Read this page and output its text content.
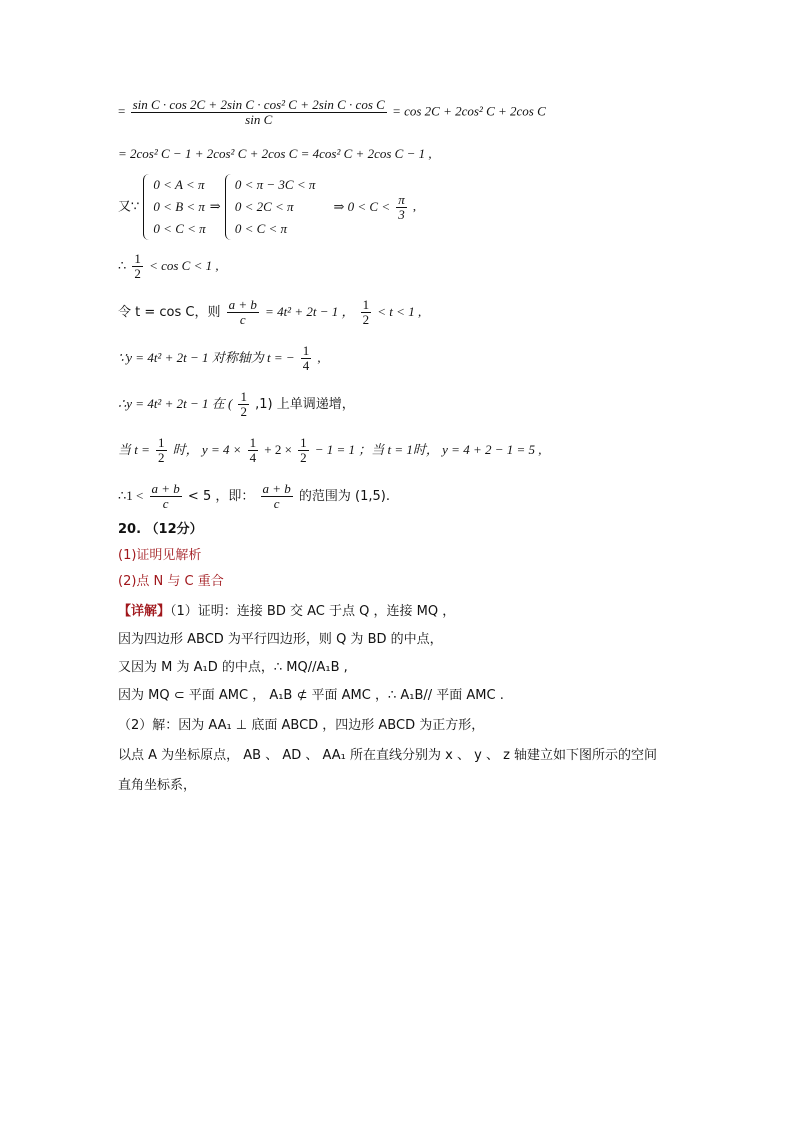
= $\frac{\text{sin C · cos 2C + 2sin C · cos² C + 2sin C · cos C}}{\text{sin C}} = \cos 2C + 2\cos^2$ C + 2cos C
= 2cos² C − 1 + 2cos² C + 2cos C = 4cos² C + 2cos C − 1 ,
又∵
0 < A < π
0 < B < π
0 < C < π
⇒
0 < π − 3C < π
0 < 2C < π
0 < C < π
⇒ $0 < C < \frac{\pi}{3}$ ,
∴ $\frac{1}{2} < \cos C < 1$ ,
令 t = cos C，则 $\frac{a + b}{c} = 4t^2 + 2t - 1$ ， $\frac{1}{2} < t < 1$ ,
∵y = 4t² + 2t − 1 对称轴为 t = − $\frac{1}{4}$ ,
∴y = 4t² + 2t − 1 在 ( $\frac{1}{2} ,1$) 上单调递增，
当 $t = \frac{1}{2}$ 时， $y = 4 \times \frac{1}{4} + 2 \times \frac{1}{2} - 1 = 1$ ；当 t = 1时， y = 4 + 2 − 1 = 5 ,
∴1 < $\frac{a + b}{c} < 5$ ，即： $\frac{a + b}{c}$ 的范围为 (1,5).
20. （12分）
(1)证明见解析
(2)点 N 与 C 重合
【详解】（1）证明：连接 BD 交 AC 于点 Q ，连接 MQ ，
因为四边形 ABCD 为平行四边形，则 Q 为 BD 的中点，
又因为 M 为 A₁D 的中点，∴ MQ//A₁B ,
因为 MQ ⊂ 平面 AMC ， A₁B ⊄ 平面 AMC ，∴ A₁B// 平面 AMC .
（2）解：因为 AA₁ ⊥ 底面 ABCD ，四边形 ABCD 为正方形，
以点 A 为坐标原点， AB 、 AD 、 AA₁ 所在直线分别为 x 、 y 、 z 轴建立如下图所示的空间
直角坐标系，
